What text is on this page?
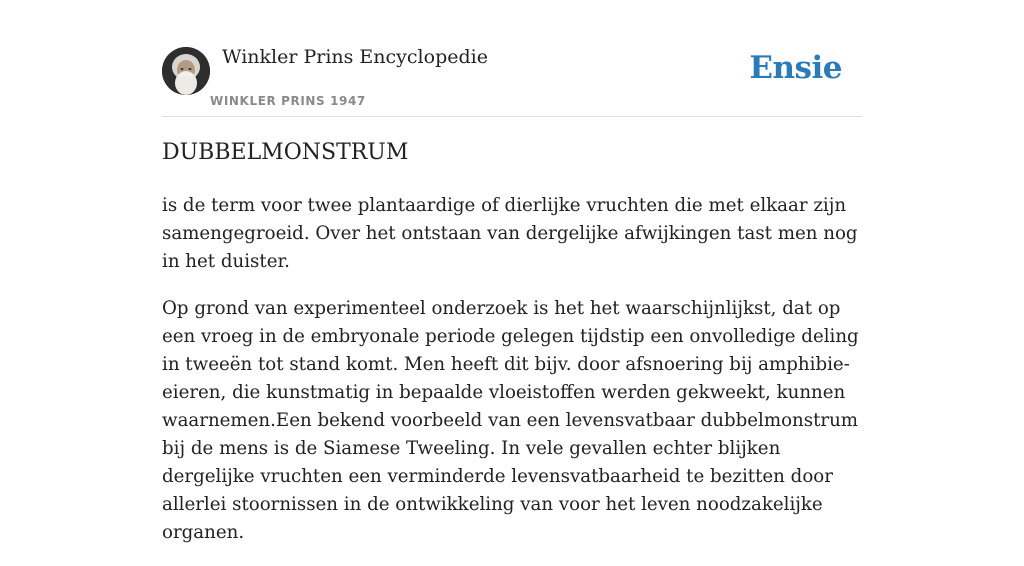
Winkler Prins Encyclopedie
WINKLER PRINS 1947
Ensie
DUBBELMONSTRUM

is de term voor twee plantaardige of dierlijke vruchten die met elkaar zijn samengegroeid. Over het ontstaan van dergelijke afwijkingen tast men nog in het duister.

Op grond van experimenteel onderzoek is het het waarschijnlijkst, dat op een vroeg in de embryonale periode gelegen tijdstip een onvolledige deling in tweeën tot stand komt. Men heeft dit bijv. door afsnoering bij amphibie-eieren, die kunstmatig in bepaalde vloeistoffen werden gekweekt, kunnen waarnemen.Een bekend voorbeeld van een levensvatbaar dubbelmonstrum bij de mens is de Siamese Tweeling. In vele gevallen echter blijken dergelijke vruchten een verminderde levensvatbaarheid te bezitten door allerlei stoornissen in de ontwikkeling van voor het leven noodzakelijke organen.
